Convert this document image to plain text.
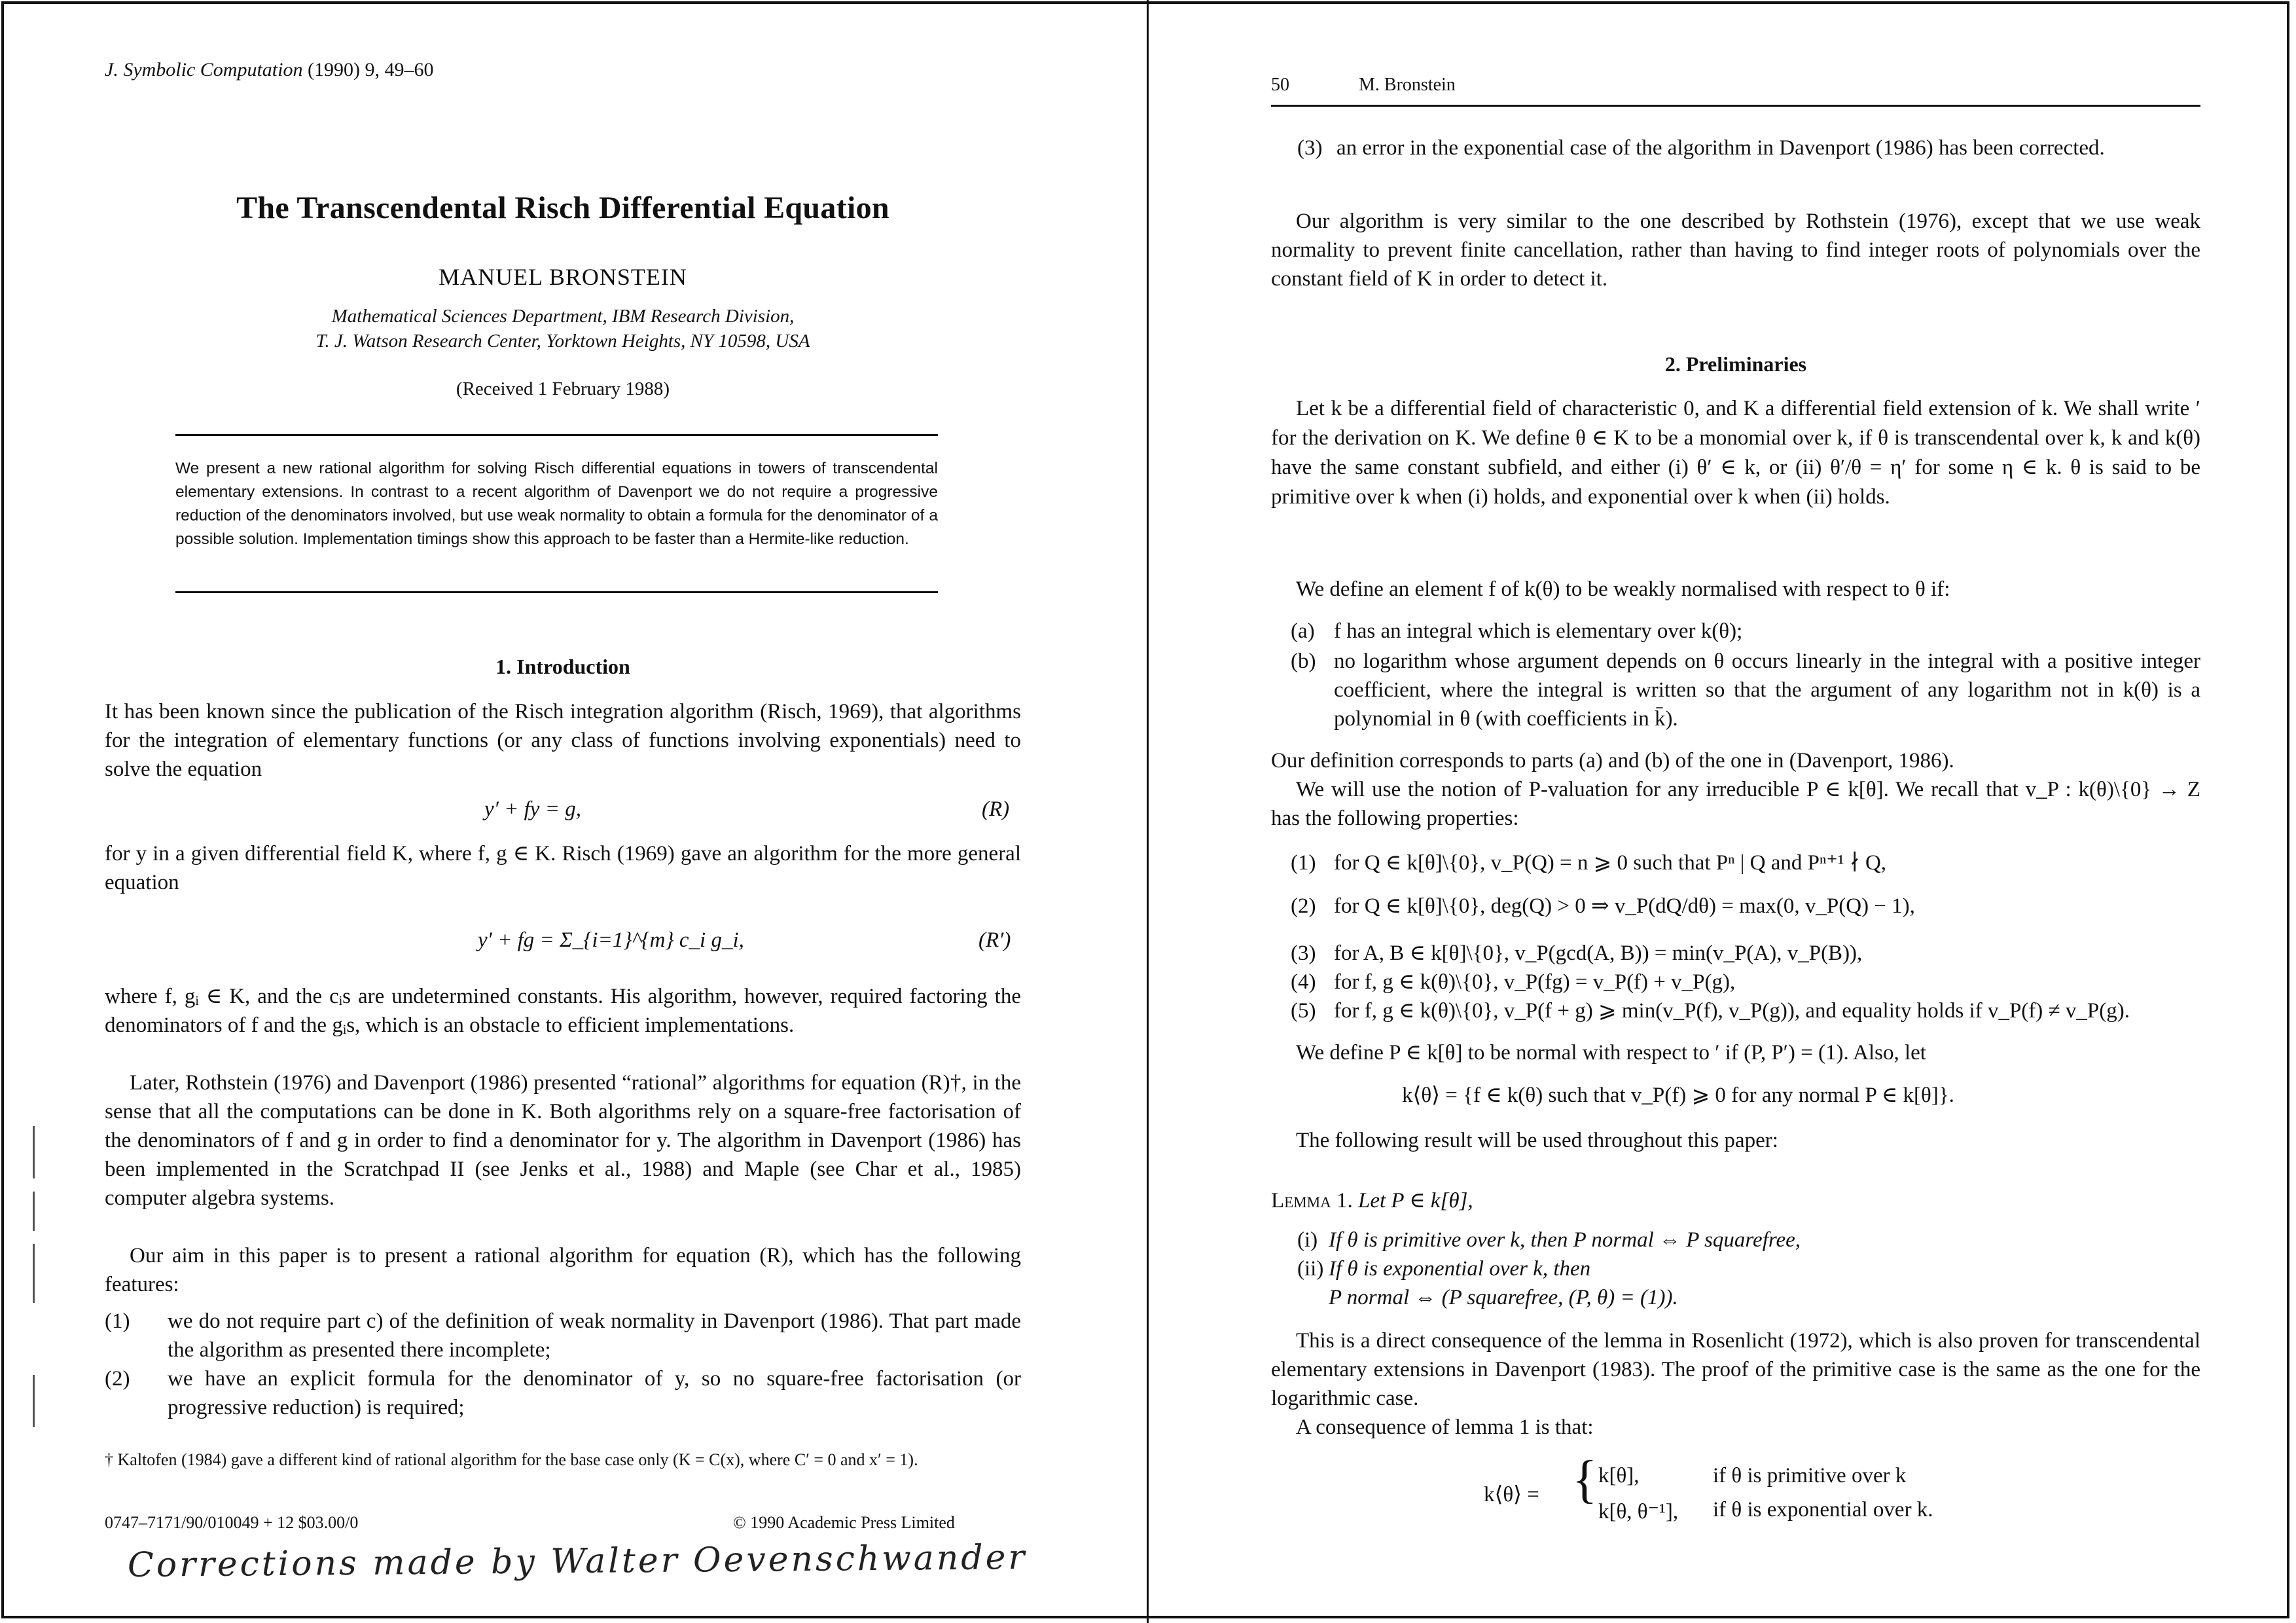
J. Symbolic Computation (1990) 9, 49–60
The Transcendental Risch Differential Equation
MANUEL BRONSTEIN
Mathematical Sciences Department, IBM Research Division,
T. J. Watson Research Center, Yorktown Heights, NY 10598, USA
(Received 1 February 1988)
We present a new rational algorithm for solving Risch differential equations in towers of transcendental elementary extensions. In contrast to a recent algorithm of Davenport we do not require a progressive reduction of the denominators involved, but use weak normality to obtain a formula for the denominator of a possible solution. Implementation timings show this approach to be faster than a Hermite-like reduction.
1. Introduction
It has been known since the publication of the Risch integration algorithm (Risch, 1969), that algorithms for the integration of elementary functions (or any class of functions involving exponentials) need to solve the equation
y′ + fy = g,	(R)
for y in a given differential field K, where f, g ∈ K. Risch (1969) gave an algorithm for the more general equation
y′ + fg = Σ_{i=1}^{m} c_i g_i,	(R′)
where f, gᵢ ∈ K, and the cᵢs are undetermined constants. His algorithm, however, required factoring the denominators of f and the gᵢs, which is an obstacle to efficient implementations.
Later, Rothstein (1976) and Davenport (1986) presented “rational” algorithms for equation (R)†, in the sense that all the computations can be done in K. Both algorithms rely on a square-free factorisation of the denominators of f and g in order to find a denominator for y. The algorithm in Davenport (1986) has been implemented in the Scratchpad II (see Jenks et al., 1988) and Maple (see Char et al., 1985) computer algebra systems.
Our aim in this paper is to present a rational algorithm for equation (R), which has the following features:
(1)	we do not require part c) of the definition of weak normality in Davenport (1986). That part made the algorithm as presented there incomplete;
(2)	we have an explicit formula for the denominator of y, so no square-free factorisation (or progressive reduction) is required;
† Kaltofen (1984) gave a different kind of rational algorithm for the base case only (K = C(x), where C′ = 0 and x′ = 1).
0747–7171/90/010049 + 12 $03.00/0	© 1990 Academic Press Limited
Corrections made by Walter Oevenschwander
50	M. Bronstein
(3) an error in the exponential case of the algorithm in Davenport (1986) has been corrected.
Our algorithm is very similar to the one described by Rothstein (1976), except that we use weak normality to prevent finite cancellation, rather than having to find integer roots of polynomials over the constant field of K in order to detect it.
2. Preliminaries
Let k be a differential field of characteristic 0, and K a differential field extension of k. We shall write ′ for the derivation on K. We define θ ∈ K to be a monomial over k, if θ is transcendental over k, k and k(θ) have the same constant subfield, and either (i) θ′ ∈ k, or (ii) θ′/θ = η′ for some η ∈ k. θ is said to be primitive over k when (i) holds, and exponential over k when (ii) holds.
We define an element f of k(θ) to be weakly normalised with respect to θ if:
(a) f has an integral which is elementary over k(θ);
(b) no logarithm whose argument depends on θ occurs linearly in the integral with a positive integer coefficient, where the integral is written so that the argument of any logarithm not in k(θ) is a polynomial in θ (with coefficients in k̄).
Our definition corresponds to parts (a) and (b) of the one in (Davenport, 1986).
We will use the notion of P-valuation for any irreducible P ∈ k[θ]. We recall that v_P : k(θ)\{0} → Z has the following properties:
(1) for Q ∈ k[θ]\{0}, v_P(Q) = n ⩾ 0 such that Pⁿ | Q and Pⁿ⁺¹ ∤ Q,
(2) for Q ∈ k[θ]\{0}, deg(Q) > 0 ⇒ v_P(dQ/dθ) = max(0, v_P(Q) − 1),
(3) for A, B ∈ k[θ]\{0}, v_P(gcd(A, B)) = min(v_P(A), v_P(B)),
(4) for f, g ∈ k(θ)\{0}, v_P(fg) = v_P(f) + v_P(g),
(5) for f, g ∈ k(θ)\{0}, v_P(f + g) ⩾ min(v_P(f), v_P(g)), and equality holds if v_P(f) ≠ v_P(g).
We define P ∈ k[θ] to be normal with respect to ′ if (P, P′) = (1). Also, let
k⟨θ⟩ = {f ∈ k(θ) such that v_P(f) ⩾ 0 for any normal P ∈ k[θ]}.
The following result will be used throughout this paper:
Lemma 1. Let P ∈ k[θ],
(i) If θ is primitive over k, then P normal ⇔ P squarefree,
(ii) If θ is exponential over k, then
P normal ⇔ (P squarefree, (P, θ) = (1)).
This is a direct consequence of the lemma in Rosenlicht (1972), which is also proven for transcendental elementary extensions in Davenport (1983). The proof of the primitive case is the same as the one for the logarithmic case.
A consequence of lemma 1 is that:
k⟨θ⟩ = { k[θ],	if θ is primitive over k
k[θ, θ⁻¹], if θ is exponential over k.
